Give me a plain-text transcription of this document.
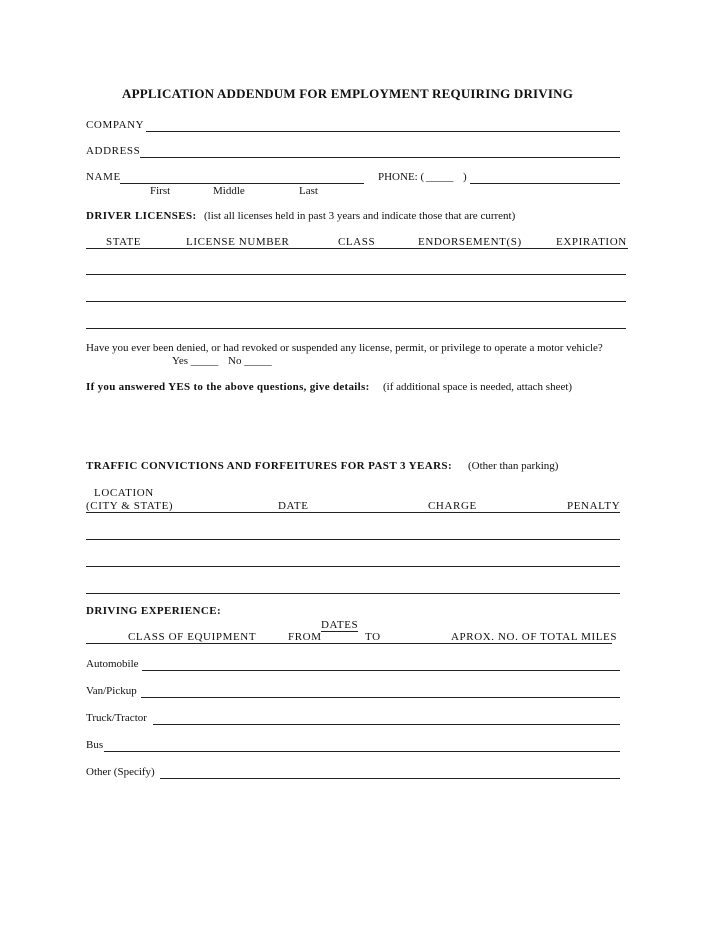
APPLICATION ADDENDUM FOR EMPLOYMENT REQUIRING DRIVING
COMPANY
ADDRESS
NAME	PHONE: ( _____ )
First	Middle	Last
DRIVER LICENSES: (list all licenses held in past 3 years and indicate those that are current)
STATE	LICENSE NUMBER	CLASS	ENDORSEMENT(S)	EXPIRATION
Have you ever been denied, or had revoked or suspended any license, permit, or privilege to operate a motor vehicle?
Yes _____ No _____
If you answered YES to the above questions, give details: (if additional space is needed, attach sheet)
TRAFFIC CONVICTIONS AND FORFEITURES FOR PAST 3 YEARS: (Other than parking)
LOCATION
(CITY & STATE)	DATE	CHARGE	PENALTY
DRIVING EXPERIENCE:
DATES
CLASS OF EQUIPMENT	FROM	TO	APROX. NO. OF TOTAL MILES
Automobile
Van/Pickup
Truck/Tractor
Bus
Other (Specify)
